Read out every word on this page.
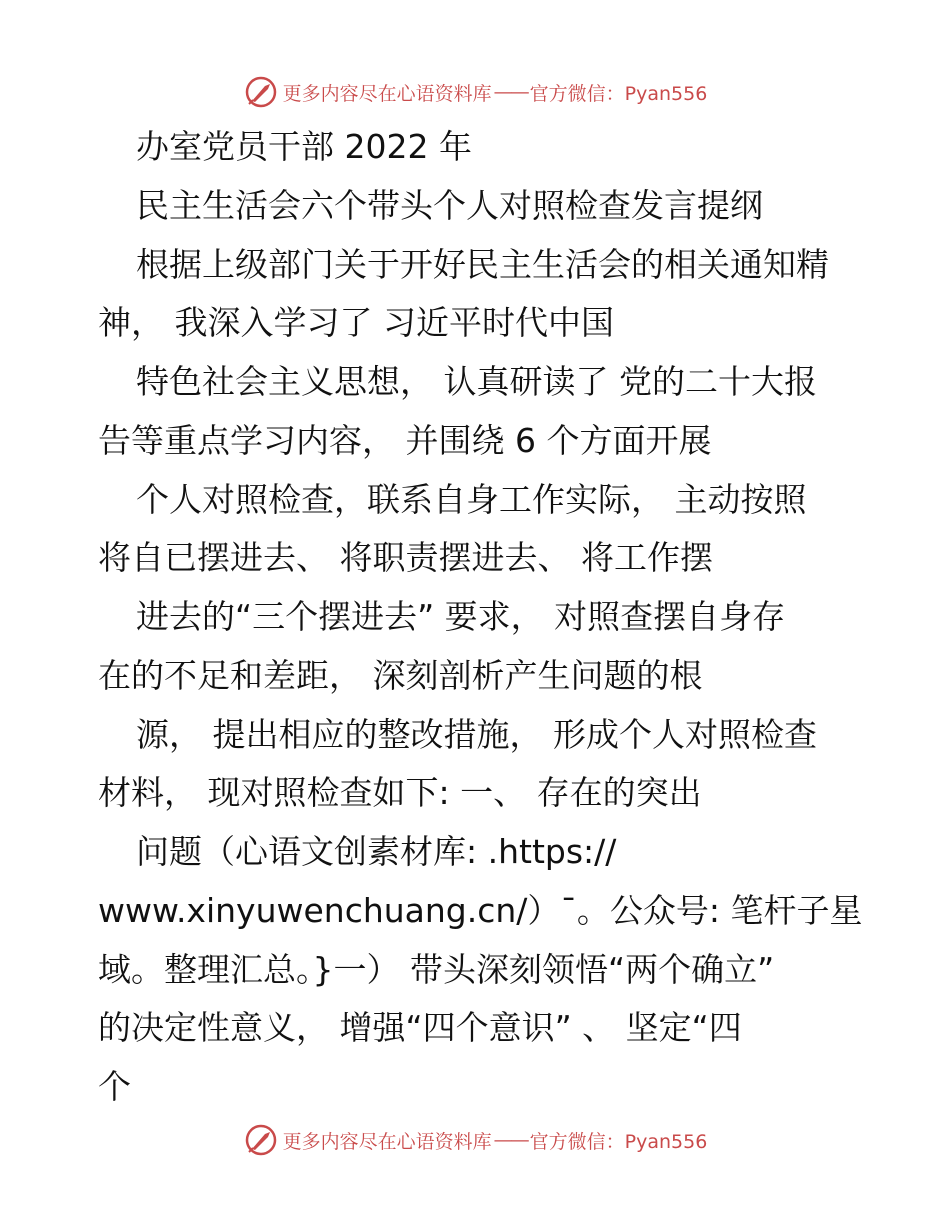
更多内容尽在心语资料库 —— 官方微信：Pyan556
办室党员干部 2022 年
民主生活会六个带头个人对照检查发言提纲
根据上级部门关于开好民主生活会的相关通知精
神， 我深入学习了 习近平时代中国
特色社会主义思想， 认真研读了 党的二十大报
告等重点学习内容， 并围绕 6 个方面开展
个人对照检查，联系自身工作实际， 主动按照
将自已摆进去、 将职责摆进去、 将工作摆
进去的“三个摆进去” 要求， 对照查摆自身存
在的不足和差距， 深刻剖析产生问题的根
源， 提出相应的整改措施， 形成个人对照检查
材料， 现对照检查如下: 一、 存在的突出
问题（心语文创素材库: .https://
www.xinyuwenchuang.cn/）¯。公众号: 笔杆子星
域。整理汇总。}一） 带头深刻领悟“两个确立”
的决定性意义， 增强“四个意识” 、 坚定“四
个
更多内容尽在心语资料库 —— 官方微信：Pyan556
